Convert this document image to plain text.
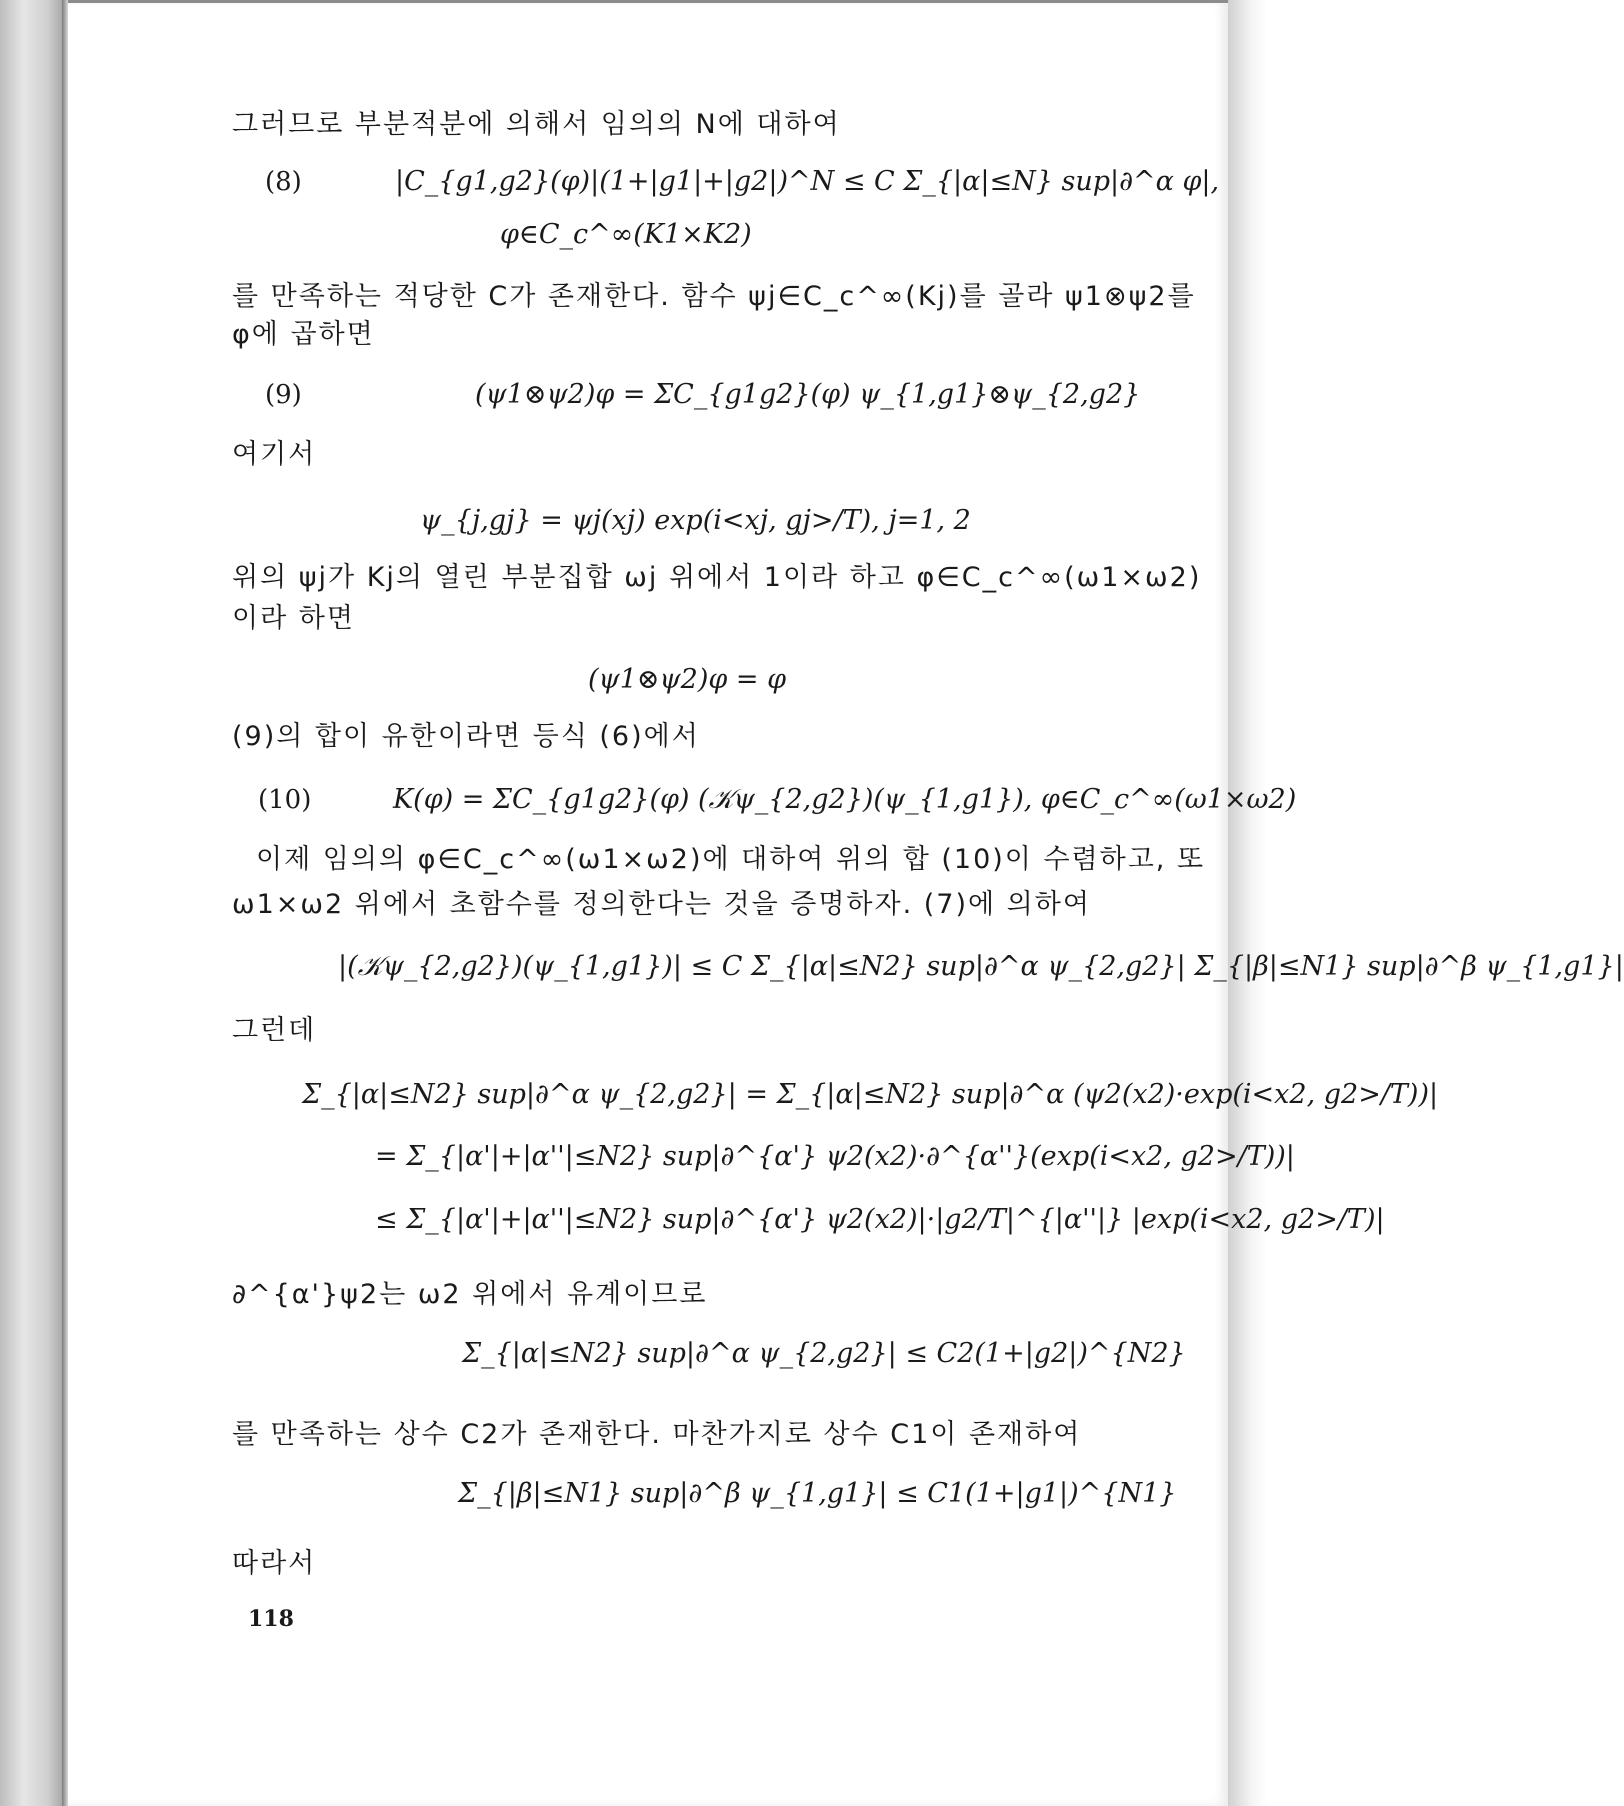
그러므로 부분적분에 의해서 임의의 N에 대하여
(8)	|C_{g1,g2}(φ)|(1+|g1|+|g2|)^N ≤ C Σ_{|α|≤N} sup|∂^α φ|,
φ∈C_c^∞(K1×K2)
를 만족하는 적당한 C가 존재한다. 함수 ψj∈C_c^∞(Kj)를 골라 ψ1⊗ψ2를
φ에 곱하면
(9)	(ψ1⊗ψ2)φ = ΣC_{g1g2}(φ) ψ_{1,g1}⊗ψ_{2,g2}
여기서
ψ_{j,gj} = ψj(xj) exp(i<xj, gj>/T), j=1, 2
위의 ψj가 Kj의 열린 부분집합 ωj 위에서 1이라 하고 φ∈C_c^∞(ω1×ω2)
이라 하면
(ψ1⊗ψ2)φ = φ
(9)의 합이 유한이라면 등식 (6)에서
(10)	K(φ) = ΣC_{g1g2}(φ) (𝒦ψ_{2,g2})(ψ_{1,g1}), φ∈C_c^∞(ω1×ω2)
이제 임의의 φ∈C_c^∞(ω1×ω2)에 대하여 위의 합 (10)이 수렴하고, 또
ω1×ω2 위에서 초함수를 정의한다는 것을 증명하자. (7)에 의하여
|(𝒦ψ_{2,g2})(ψ_{1,g1})| ≤ C Σ_{|α|≤N2} sup|∂^α ψ_{2,g2}| Σ_{|β|≤N1} sup|∂^β ψ_{1,g1}|
그런데
Σ_{|α|≤N2} sup|∂^α ψ_{2,g2}| = Σ_{|α|≤N2} sup|∂^α (ψ2(x2)·exp(i<x2, g2>/T))|
= Σ_{|α'|+|α''|≤N2} sup|∂^{α'} ψ2(x2)·∂^{α''}(exp(i<x2, g2>/T))|
≤ Σ_{|α'|+|α''|≤N2} sup|∂^{α'} ψ2(x2)|·|g2/T|^{|α''|} |exp(i<x2, g2>/T)|
∂^{α'}ψ2는 ω2 위에서 유계이므로
Σ_{|α|≤N2} sup|∂^α ψ_{2,g2}| ≤ C2(1+|g2|)^{N2}
를 만족하는 상수 C2가 존재한다. 마찬가지로 상수 C1이 존재하여
Σ_{|β|≤N1} sup|∂^β ψ_{1,g1}| ≤ C1(1+|g1|)^{N1}
따라서
118
